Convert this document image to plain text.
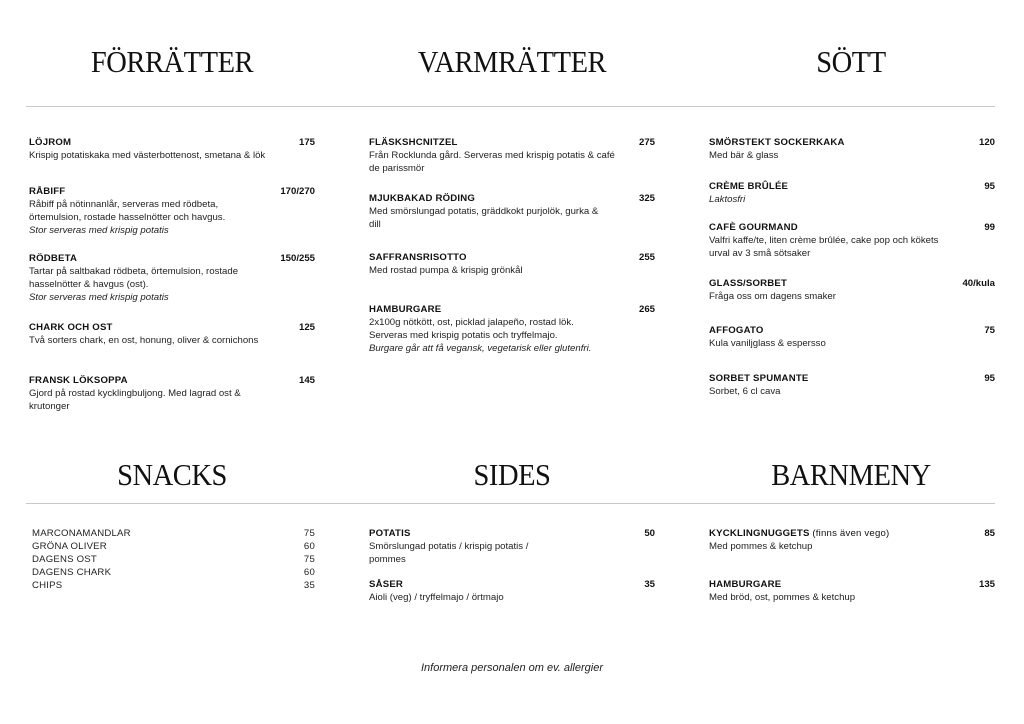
FÖRRÄTTER	VARMRÄTTER	SÖTT
LÖJROM	175
Krispig potatiskaka med västerbottenost, smetana & lök
RÅBIFF	170/270
Råbiff på nötinnanlår, serveras med rödbeta, örtemulsion, rostade hasselnötter och havgus.
Stor serveras med krispig potatis
RÖDBETA	150/255
Tartar på saltbakad rödbeta, örtemulsion, rostade hasselnötter & havgus (ost).
Stor serveras med krispig potatis
CHARK OCH OST	125
Två sorters chark, en ost, honung, oliver & cornichons
FRANSK LÖKSOPPA	145
Gjord på rostad kycklingbuljong. Med lagrad ost & krutonger
FLÄSKSHCNITZEL	275
Från Rocklunda gård. Serveras med krispig potatis & café de parissmör
MJUKBAKAD RÖDING	325
Med smörslungad potatis, gräddkokt purjolök, gurka & dill
SAFFRANSRISOTTO	255
Med rostad pumpa & krispig grönkål
HAMBURGARE	265
2x100g nötkött, ost, picklad jalapeño, rostad lök. Serveras med krispig potatis och tryffelmajo.
Burgare går att få vegansk, vegetarisk eller glutenfri.
SMÖRSTEKT SOCKERKAKA	120
Med bär & glass
CRÈME BRÛLÉE	95
Laktosfri
CAFÈ GOURMAND	99
Valfri kaffe/te, liten crème brûlée, cake pop och kökets urval av 3 små sötsaker
GLASS/SORBET	40/kula
Fråga oss om dagens smaker
AFFOGATO	75
Kula vaniljglass & espersso
SORBET SPUMANTE	95
Sorbet, 6 cl cava
SNACKS	SIDES	BARNMENY
MARCONAMANDLAR	75
GRÖNA OLIVER	60
DAGENS OST	75
DAGENS CHARK	60
CHIPS	35
POTATIS	50
Smörslungad potatis / krispig potatis / pommes
SÅSER	35
Aioli (veg) / tryffelmajo / örtmajo
KYCKLINGNUGGETS (finns även vego)	85
Med pommes & ketchup
HAMBURGARE	135
Med bröd, ost, pommes & ketchup
Informera personalen om ev. allergier
